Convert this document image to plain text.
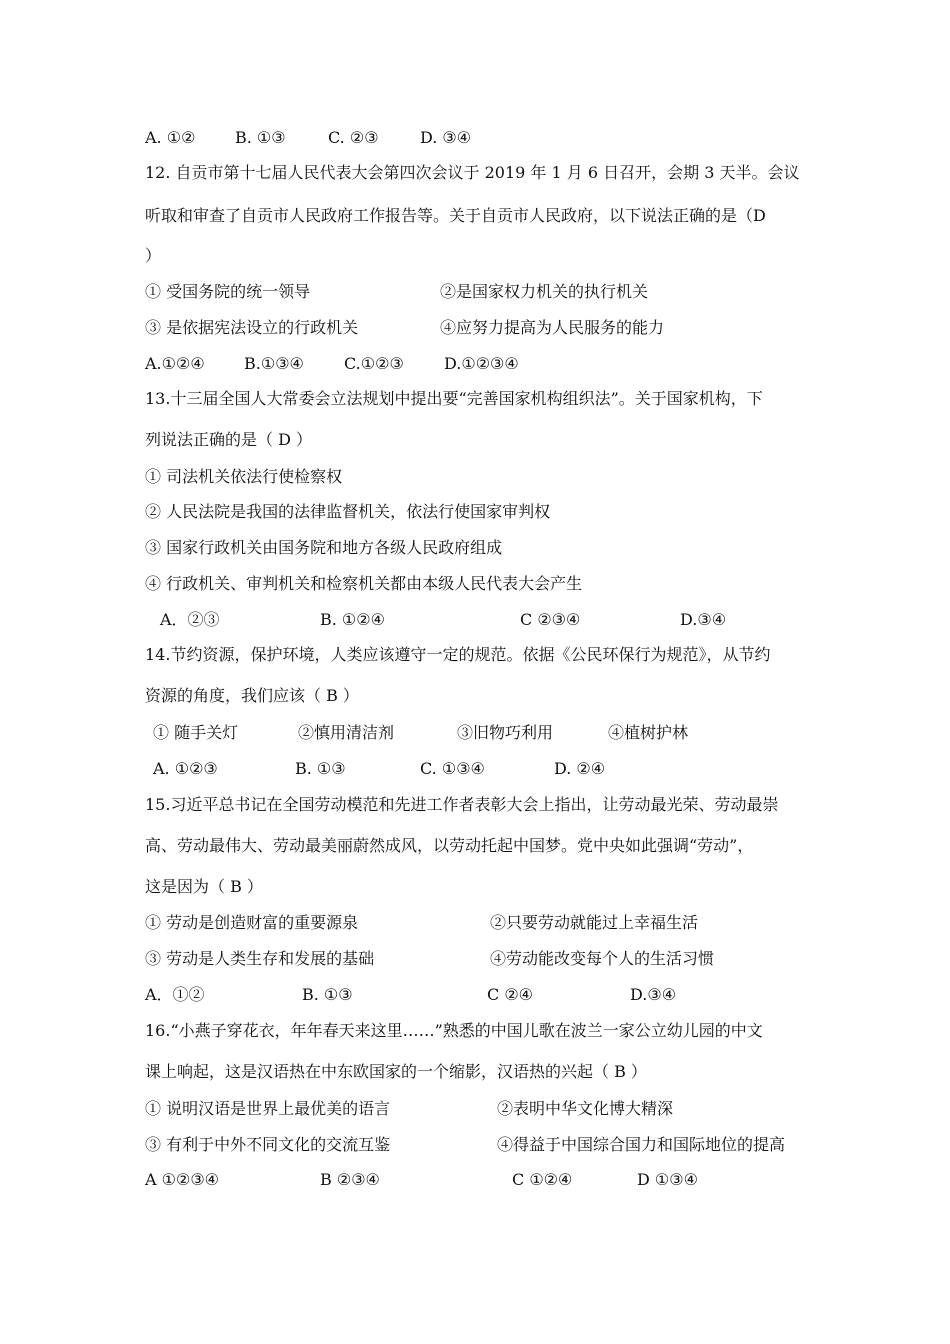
A. ①② B. ①③	C. ②③	D. ③④
12. 自贡市第十七届人民代表大会第四次会议于 2019 年 1 月 6 日召开，会期 3 天半。会议
听取和审查了自贡市人民政府工作报告等。关于自贡市人民政府，以下说法正确的是（D
）
① 受国务院的统一领导	②是国家权力机关的执行机关
③ 是依据宪法设立的行政机关	④应努力提高为人民服务的能力
A.①②④ B.①③④	C.①②③	D.①②③④
13.十三届全国人大常委会立法规划中提出要“完善国家机构组织法”。关于国家机构，下
列说法正确的是（ D ）
① 司法机关依法行使检察权
② 人民法院是我国的法律监督机关，依法行使国家审判权
③ 国家行政机关由国务院和地方各级人民政府组成
④ 行政机关、审判机关和检察机关都由本级人民代表大会产生
A．②③	B. ①②④	C ②③④	D.③④
14.节约资源，保护环境，人类应该遵守一定的规范。依据《公民环保行为规范》，从节约
资源的角度，我们应该（ B ）
① 随手关灯	②慎用清洁剂	③旧物巧利用	④植树护林
A. ①②③	B. ①③	C. ①③④	D. ②④
15.习近平总书记在全国劳动模范和先进工作者表彰大会上指出，让劳动最光荣、劳动最崇
高、劳动最伟大、劳动最美丽蔚然成风，以劳动托起中国梦。党中央如此强调“劳动”，
这是因为（ B ）
① 劳动是创造财富的重要源泉	②只要劳动就能过上幸福生活
③ 劳动是人类生存和发展的基础	④劳动能改变每个人的生活习惯
A．①②	B. ①③	C ②④	D.③④
16.“小燕子穿花衣，年年春天来这里……”熟悉的中国儿歌在波兰一家公立幼儿园的中文
课上响起，这是汉语热在中东欧国家的一个缩影，汉语热的兴起（ B ）
① 说明汉语是世界上最优美的语言	②表明中华文化博大精深
③ 有利于中外不同文化的交流互鉴	④得益于中国综合国力和国际地位的提高
A ①②③④	B ②③④	C ①②④	D ①③④
